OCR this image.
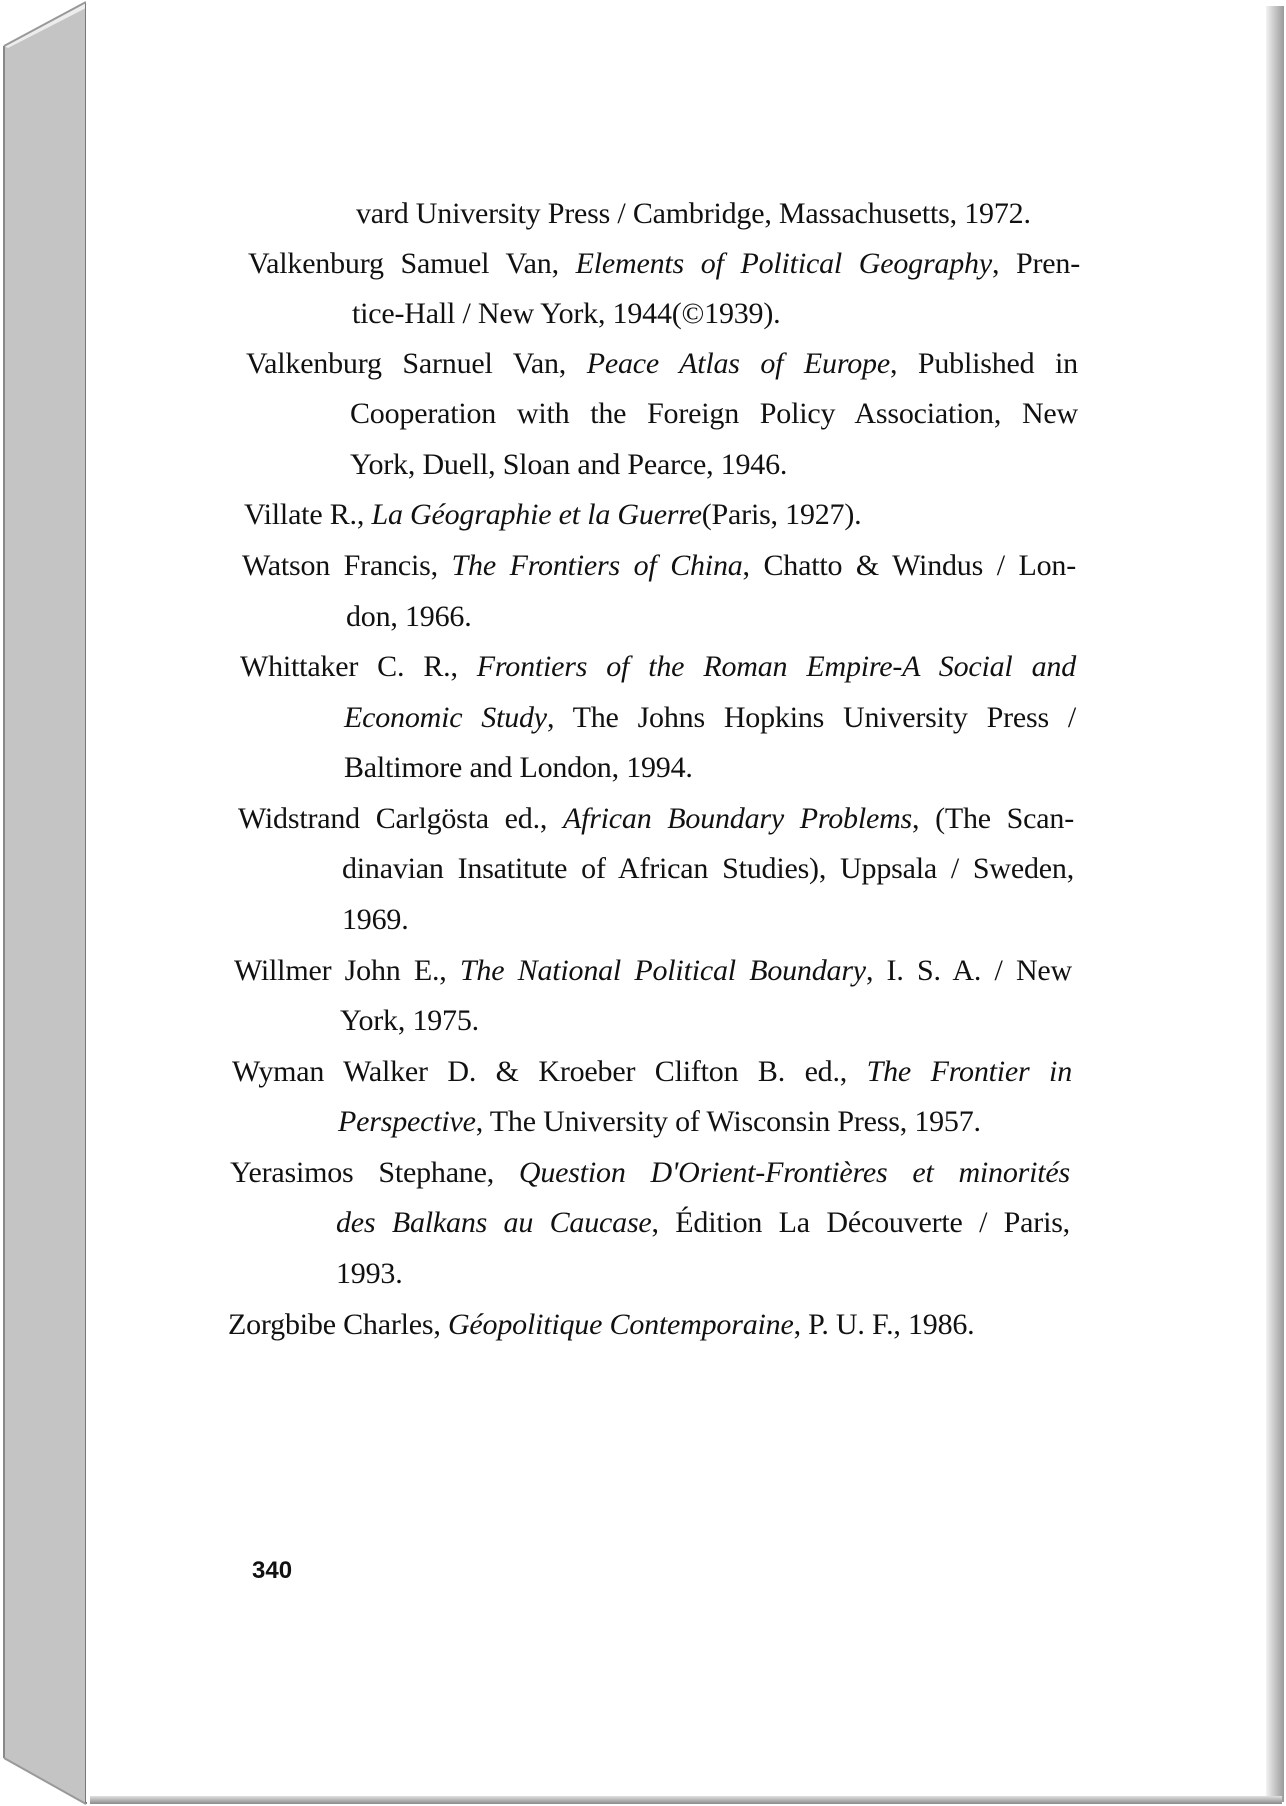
vard University Press / Cambridge, Massachusetts, 1972.
Valkenburg Samuel Van, Elements of Political Geography, Pren-
tice-Hall / New York, 1944(©1939).
Valkenburg Sarnuel Van, Peace Atlas of Europe, Published in
Cooperation with the Foreign Policy Association, New
York, Duell, Sloan and Pearce, 1946.
Villate R., La Géographie et la Guerre(Paris, 1927).
Watson Francis, The Frontiers of China, Chatto & Windus / Lon-
don, 1966.
Whittaker C. R., Frontiers of the Roman Empire-A Social and
Economic Study, The Johns Hopkins University Press /
Baltimore and London, 1994.
Widstrand Carlgösta ed., African Boundary Problems, (The Scan-
dinavian Insatitute of African Studies), Uppsala / Sweden,
1969.
Willmer John E., The National Political Boundary, I. S. A. / New
York, 1975.
Wyman Walker D. & Kroeber Clifton B. ed., The Frontier in
Perspective, The University of Wisconsin Press, 1957.
Yerasimos Stephane, Question D'Orient-Frontières et minorités
des Balkans au Caucase, Édition La Découverte / Paris,
1993.
Zorgbibe Charles, Géopolitique Contemporaine, P. U. F., 1986.
340
